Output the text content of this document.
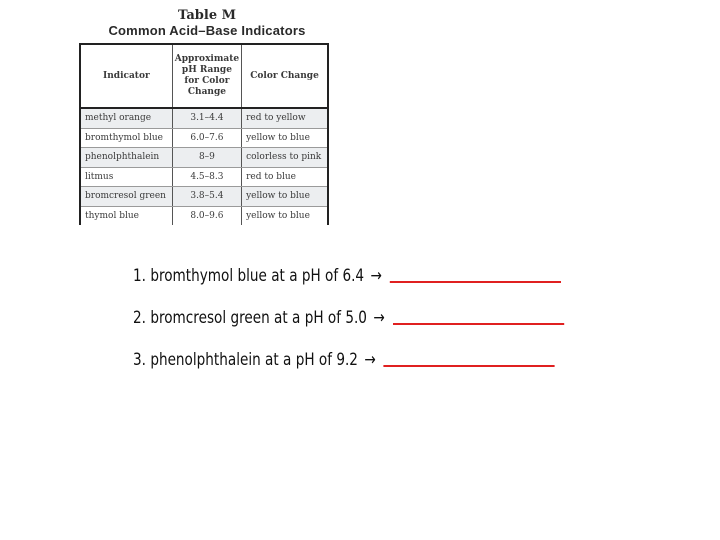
Table M
Common Acid–Base Indicators
Indicator	Approximate pH Range for Color Change	Color Change
methyl orange	3.1–4.4	red to yellow
bromthymol blue	6.0–7.6	yellow to blue
phenolphthalein	8–9	colorless to pink
litmus	4.5–8.3	red to blue
bromcresol green	3.8–5.4	yellow to blue
thymol blue	8.0–9.6	yellow to blue
1.
bromthymol blue at a pH of 6.4 →
2.
bromcresol green at a pH of 5.0 →
3.
phenolphthalein at a pH of 9.2 →
